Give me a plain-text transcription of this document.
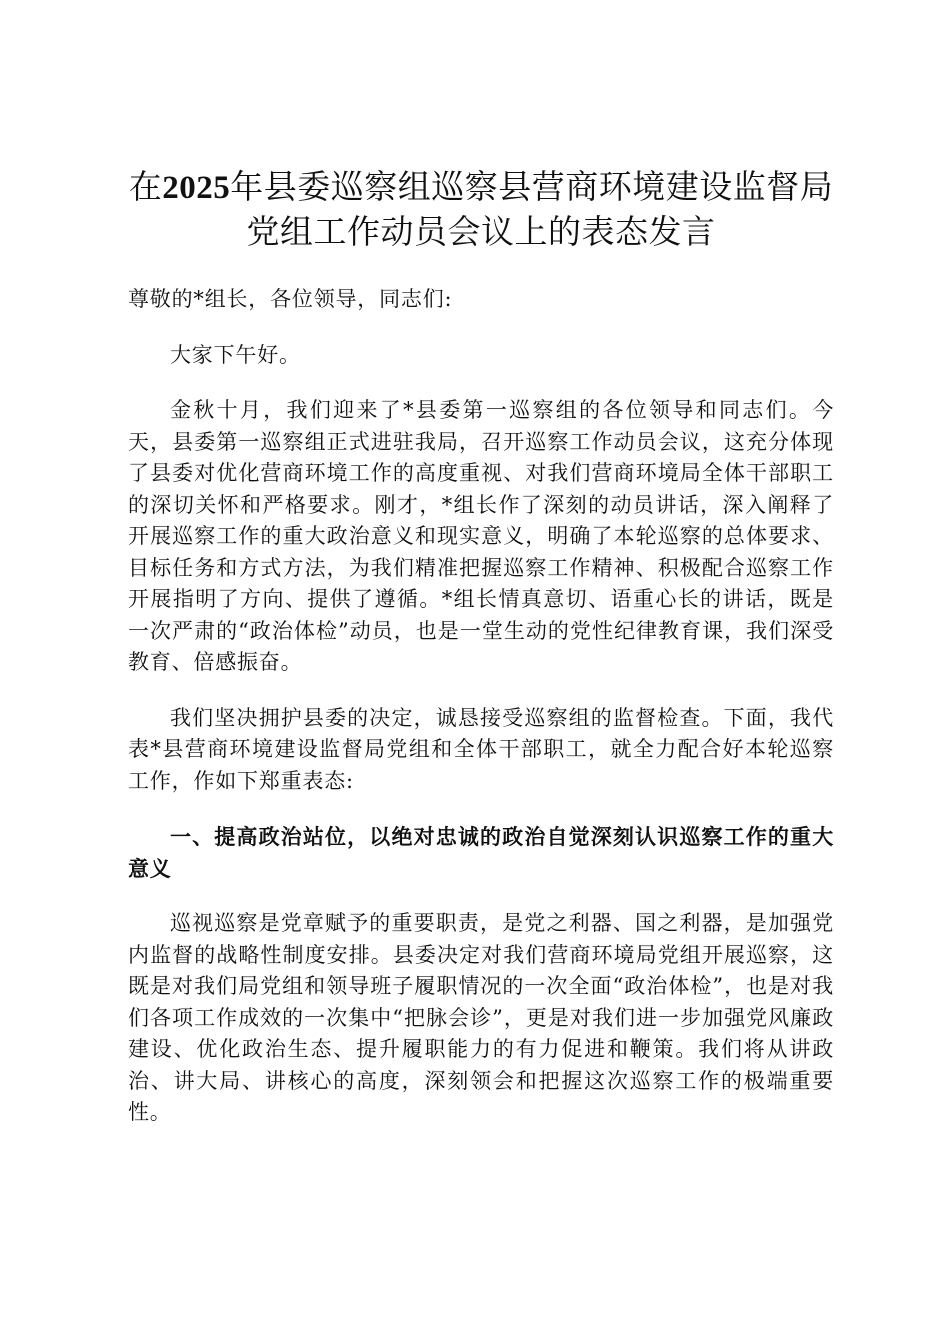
在2025年县委巡察组巡察县营商环境建设监督局党组工作动员会议上的表态发言

尊敬的*组长，各位领导，同志们:

大家下午好。

金秋十月，我们迎来了*县委第一巡察组的各位领导和同志们。今天，县委第一巡察组正式进驻我局，召开巡察工作动员会议，这充分体现了县委对优化营商环境工作的高度重视、对我们营商环境局全体干部职工的深切关怀和严格要求。刚才，*组长作了深刻的动员讲话，深入阐释了开展巡察工作的重大政治意义和现实意义，明确了本轮巡察的总体要求、目标任务和方式方法，为我们精准把握巡察工作精神、积极配合巡察工作开展指明了方向、提供了遵循。*组长情真意切、语重心长的讲话，既是一次严肃的“政治体检”动员，也是一堂生动的党性纪律教育课，我们深受教育、倍感振奋。

我们坚决拥护县委的决定，诚恳接受巡察组的监督检查。下面，我代表*县营商环境建设监督局党组和全体干部职工，就全力配合好本轮巡察工作，作如下郑重表态:

一、提高政治站位，以绝对忠诚的政治自觉深刻认识巡察工作的重大意义

巡视巡察是党章赋予的重要职责，是党之利器、国之利器，是加强党内监督的战略性制度安排。县委决定对我们营商环境局党组开展巡察，这既是对我们局党组和领导班子履职情况的一次全面“政治体检”，也是对我们各项工作成效的一次集中“把脉会诊”，更是对我们进一步加强党风廉政建设、优化政治生态、提升履职能力的有力促进和鞭策。我们将从讲政治、讲大局、讲核心的高度，深刻领会和把握这次巡察工作的极端重要性。
